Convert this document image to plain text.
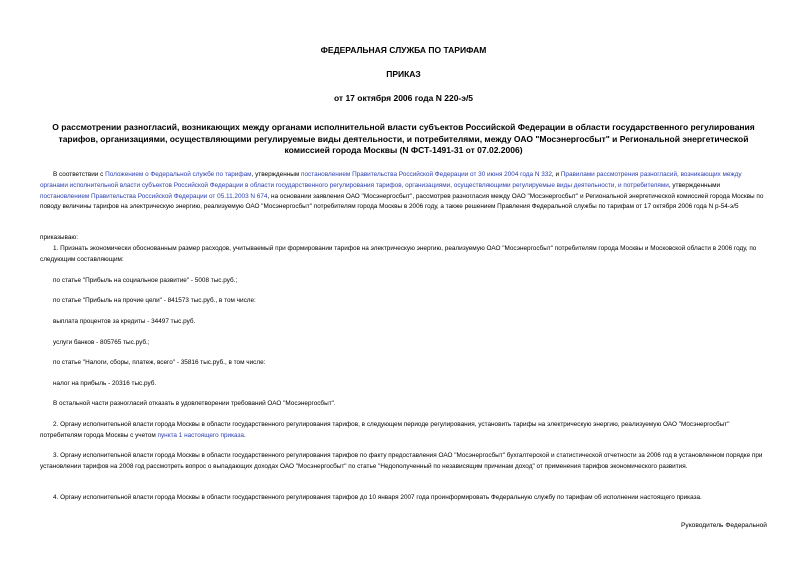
ФЕДЕРАЛЬНАЯ СЛУЖБА ПО ТАРИФАМ
ПРИКАЗ
от 17 октября 2006 года N 220-э/5
О рассмотрении разногласий, возникающих между органами исполнительной власти субъектов Российской Федерации в области государственного регулирования тарифов, организациями, осуществляющими регулируемые виды деятельности, и потребителями, между ОАО "Мосэнергосбыт" и Региональной энергетической комиссией города Москвы (N ФСТ-1491-31 от 07.02.2006)
В соответствии с Положением о Федеральной службе по тарифам, утвержденным постановлением Правительства Российской Федерации от 30 июня 2004 года N 332, и Правилами рассмотрения разногласий, возникающих между органами исполнительной власти субъектов Российской Федерации в области государственного регулирования тарифов, организациями, осуществляющими регулируемые виды деятельности, и потребителями, утвержденными постановлением Правительства Российской Федерации от 05.11.2003 N 674, на основании заявления ОАО "Мосэнергосбыт", рассмотрев разногласия между ОАО "Мосэнергосбыт" и Региональной энергетической комиссией города Москвы по поводу величины тарифов на электрическую энергию, реализуемую ОАО "Мосэнергосбыт" потребителям города Москвы в 2006 году, а также решением Правления Федеральной службы по тарифам от 17 октября 2006 года N р-54-э/5
приказываю:
1. Признать экономически обоснованным размер расходов, учитываемый при формировании тарифов на электрическую энергию, реализуемую ОАО "Мосэнергосбыт" потребителям города Москвы и Московской области в 2006 году, по следующим составляющим:
по статье "Прибыль на социальное развитие" - 5008 тыс.руб.;
по статье "Прибыль на прочие цели" - 841573 тыс.руб., в том числе:
выплата процентов за кредиты - 34497 тыс.руб.
услуги банков - 805765 тыс.руб.;
по статье "Налоги, сборы, платеж, всего" - 35816 тыс.руб., в том числе:
налог на прибыль - 20316 тыс.руб.
В остальной части разногласий отказать в удовлетворении требований ОАО "Мосэнергосбыт".
2. Органу исполнительной власти города Москвы в области государственного регулирования тарифов, в следующем периоде регулирования, установить тарифы на электрическую энергию, реализуемую ОАО "Мосэнергосбыт" потребителям города Москвы с учетом пункта 1 настоящего приказа.
3. Органу исполнительной власти города Москвы в области государственного регулирования тарифов по факту предоставления ОАО "Мосэнергосбыт" бухгалтерской и статистической отчетности за 2006 год в установленном порядке при установлении тарифов на 2008 год рассмотреть вопрос о выпадающих доходах ОАО "Мосэнергосбыт" по статье "Недополученный по независящим причинам доход" от применения тарифов экономического развития.
4. Органу исполнительной власти города Москвы в области государственного регулирования тарифов до 10 января 2007 года проинформировать Федеральную службу по тарифам об исполнении настоящего приказа.
Руководитель Федеральной
